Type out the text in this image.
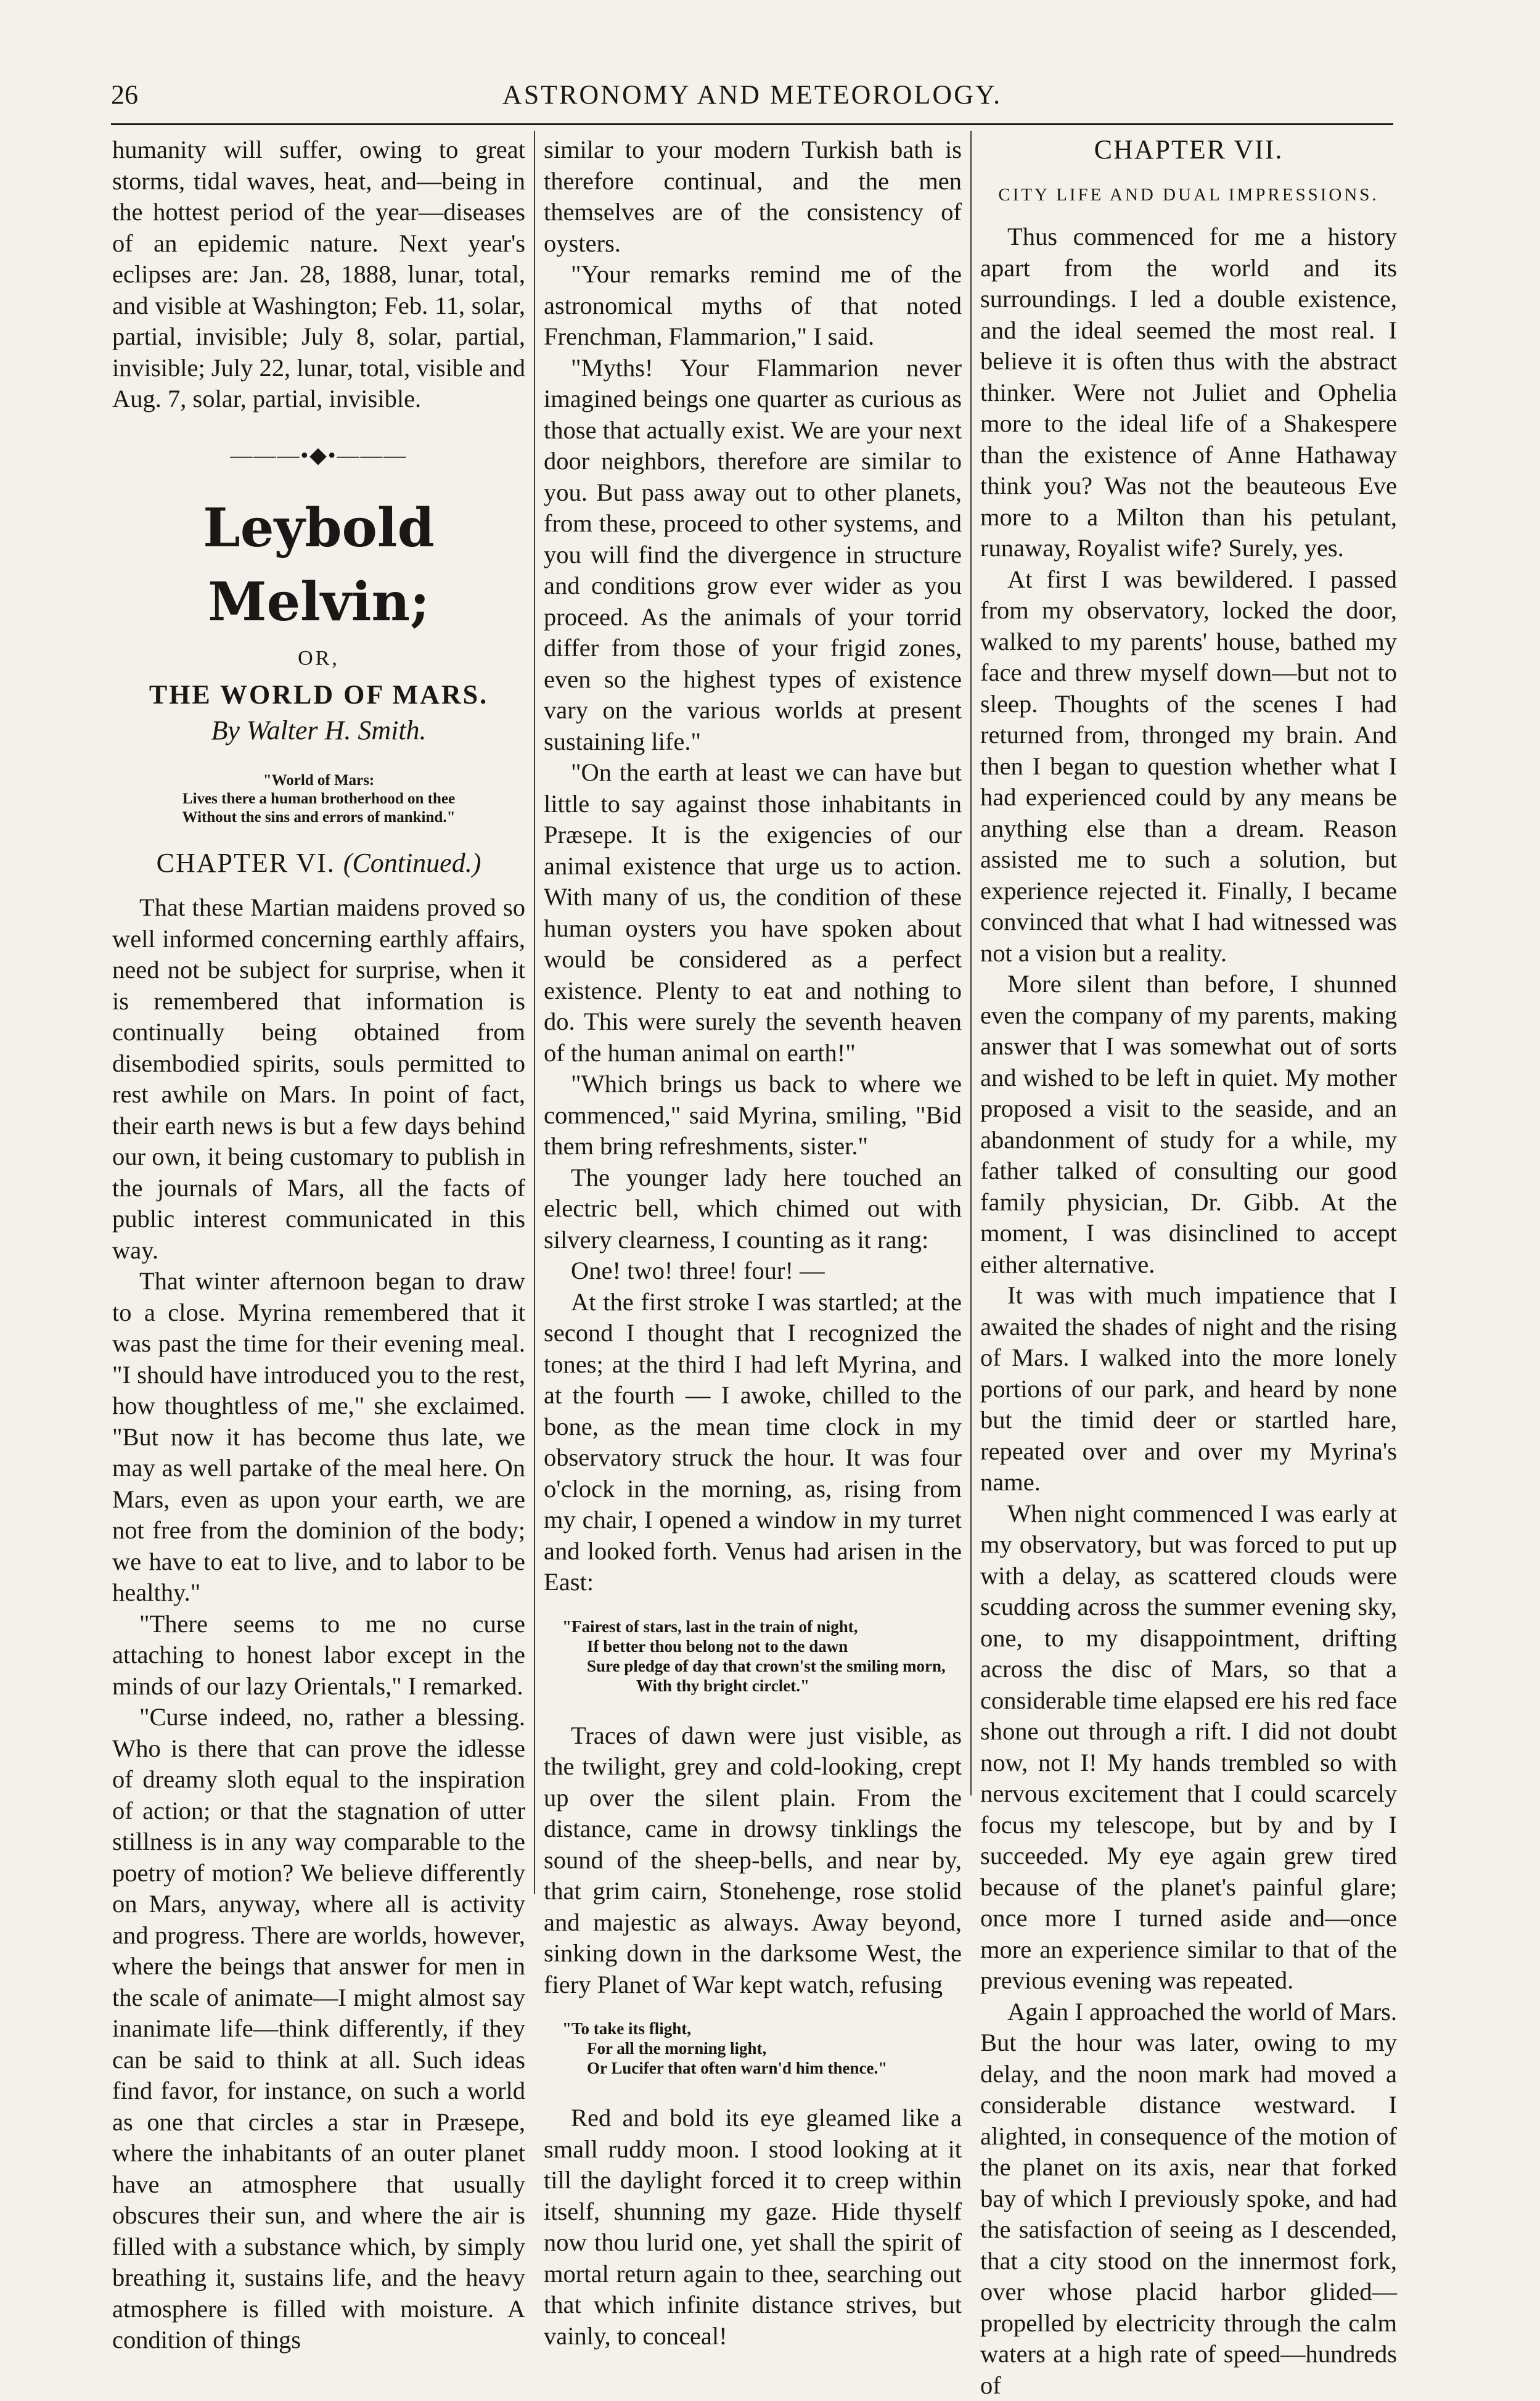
26	ASTRONOMY AND METEOROLOGY.

humanity will suffer, owing to great storms, tidal waves, heat, and—being in the hottest period of the year—diseases of an epidemic nature. Next year's eclipses are: Jan. 28, 1888, lunar, total, and visible at Washington; Feb. 11, solar, partial, invisible; July 8, solar, partial, invisible; July 22, lunar, total, visible and Aug. 7, solar, partial, invisible.

———•◆•———
Leybold Melvin;
OR,
THE WORLD OF MARS.
By Walter H. Smith.
"World of Mars:
Lives there a human brotherhood on thee
Without the sins and errors of mankind."
CHAPTER VI. (Continued.)

That these Martian maidens proved so well informed concerning earthly affairs, need not be subject for surprise, when it is remembered that information is continually being obtained from disembodied spirits, souls permitted to rest awhile on Mars. In point of fact, their earth news is but a few days behind our own, it being customary to publish in the journals of Mars, all the facts of public interest communicated in this way.

That winter afternoon began to draw to a close. Myrina remembered that it was past the time for their evening meal. "I should have introduced you to the rest, how thoughtless of me," she exclaimed. "But now it has become thus late, we may as well partake of the meal here. On Mars, even as upon your earth, we are not free from the dominion of the body; we have to eat to live, and to labor to be healthy."

"There seems to me no curse attaching to honest labor except in the minds of our lazy Orientals," I remarked.

"Curse indeed, no, rather a blessing. Who is there that can prove the idlesse of dreamy sloth equal to the inspiration of action; or that the stagnation of utter stillness is in any way comparable to the poetry of motion? We believe differently on Mars, anyway, where all is activity and progress. There are worlds, however, where the beings that answer for men in the scale of animate—I might almost say inanimate life—think differently, if they can be said to think at all. Such ideas find favor, for instance, on such a world as one that circles a star in Præsepe, where the inhabitants of an outer planet have an atmosphere that usually obscures their sun, and where the air is filled with a substance which, by simply breathing it, sustains life, and the heavy atmosphere is filled with moisture. A condition of things

similar to your modern Turkish bath is therefore continual, and the men themselves are of the consistency of oysters.

"Your remarks remind me of the astronomical myths of that noted Frenchman, Flammarion," I said.

"Myths! Your Flammarion never imagined beings one quarter as curious as those that actually exist. We are your next door neighbors, therefore are similar to you. But pass away out to other planets, from these, proceed to other systems, and you will find the divergence in structure and conditions grow ever wider as you proceed. As the animals of your torrid differ from those of your frigid zones, even so the highest types of existence vary on the various worlds at present sustaining life."

"On the earth at least we can have but little to say against those inhabitants in Præsepe. It is the exigencies of our animal existence that urge us to action. With many of us, the condition of these human oysters you have spoken about would be considered as a perfect existence. Plenty to eat and nothing to do. This were surely the seventh heaven of the human animal on earth!"

"Which brings us back to where we commenced," said Myrina, smiling, "Bid them bring refreshments, sister."

The younger lady here touched an electric bell, which chimed out with silvery clearness, I counting as it rang:

One! two! three! four! —

At the first stroke I was startled; at the second I thought that I recognized the tones; at the third I had left Myrina, and at the fourth — I awoke, chilled to the bone, as the mean time clock in my observatory struck the hour. It was four o'clock in the morning, as, rising from my chair, I opened a window in my turret and looked forth. Venus had arisen in the East:

"Fairest of stars, last in the train of night,
If better thou belong not to the dawn
Sure pledge of day that crown'st the smiling morn,
With thy bright circlet."

Traces of dawn were just visible, as the twilight, grey and cold-looking, crept up over the silent plain. From the distance, came in drowsy tinklings the sound of the sheep-bells, and near by, that grim cairn, Stonehenge, rose stolid and majestic as always. Away beyond, sinking down in the darksome West, the fiery Planet of War kept watch, refusing

"To take its flight,
For all the morning light,
Or Lucifer that often warn'd him thence."

Red and bold its eye gleamed like a small ruddy moon. I stood looking at it till the daylight forced it to creep within itself, shunning my gaze. Hide thyself now thou lurid one, yet shall the spirit of mortal return again to thee, searching out that which infinite distance strives, but vainly, to conceal!

CHAPTER VII.
CITY LIFE AND DUAL IMPRESSIONS.

Thus commenced for me a history apart from the world and its surroundings. I led a double existence, and the ideal seemed the most real. I believe it is often thus with the abstract thinker. Were not Juliet and Ophelia more to the ideal life of a Shakespere than the existence of Anne Hathaway think you? Was not the beauteous Eve more to a Milton than his petulant, runaway, Royalist wife? Surely, yes.

At first I was bewildered. I passed from my observatory, locked the door, walked to my parents' house, bathed my face and threw myself down—but not to sleep. Thoughts of the scenes I had returned from, thronged my brain. And then I began to question whether what I had experienced could by any means be anything else than a dream. Reason assisted me to such a solution, but experience rejected it. Finally, I became convinced that what I had witnessed was not a vision but a reality.

More silent than before, I shunned even the company of my parents, making answer that I was somewhat out of sorts and wished to be left in quiet. My mother proposed a visit to the seaside, and an abandonment of study for a while, my father talked of consulting our good family physician, Dr. Gibb. At the moment, I was disinclined to accept either alternative.

It was with much impatience that I awaited the shades of night and the rising of Mars. I walked into the more lonely portions of our park, and heard by none but the timid deer or startled hare, repeated over and over my Myrina's name.

When night commenced I was early at my observatory, but was forced to put up with a delay, as scattered clouds were scudding across the summer evening sky, one, to my disappointment, drifting across the disc of Mars, so that a considerable time elapsed ere his red face shone out through a rift. I did not doubt now, not I! My hands trembled so with nervous excitement that I could scarcely focus my telescope, but by and by I succeeded. My eye again grew tired because of the planet's painful glare; once more I turned aside and—once more an experience similar to that of the previous evening was repeated.

Again I approached the world of Mars. But the hour was later, owing to my delay, and the noon mark had moved a considerable distance westward. I alighted, in consequence of the motion of the planet on its axis, near that forked bay of which I previously spoke, and had the satisfaction of seeing as I descended, that a city stood on the innermost fork, over whose placid harbor glided—propelled by electricity through the calm waters at a high rate of speed—hundreds of
